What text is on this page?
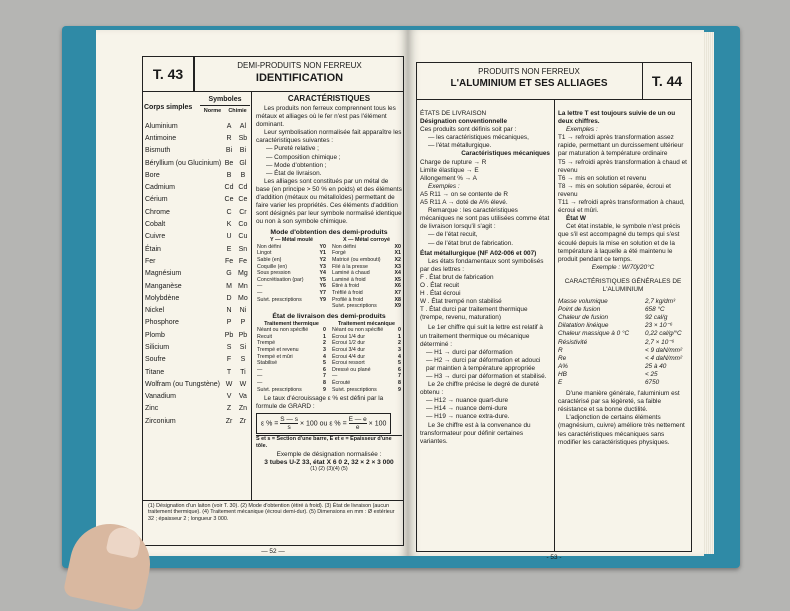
T. 43
DEMI-PRODUITS NON FERREUX
IDENTIFICATION
Corps simples
Symboles
Norme	Chimie
Aluminium	A	Al
Antimoine	R	Sb
Bismuth	Bi	Bi
Béryllium (ou Glucinium)	Be	Gl
Bore	B	B
Cadmium	Cd	Cd
Cérium	Ce	Ce
Chrome	C	Cr
Cobalt	K	Co
Cuivre	U	Cu
Étain	E	Sn
Fer	Fe	Fe
Magnésium	G	Mg
Manganèse	M	Mn
Molybdène	D	Mo
Nickel	N	Ni
Phosphore	P	P
Plomb	Pb	Pb
Silicium	S	Si
Soufre	F	S
Titane	T	Ti
Wolfram (ou Tungstène)	W	W
Vanadium	V	Va
Zinc	Z	Zn
Zirconium	Zr	Zr
CARACTÉRISTIQUES

Les produits non ferreux comprennent tous les métaux et alliages où le fer n'est pas l'élément dominant.

Leur symbolisation normalisée fait apparaître les caractéristiques suivantes :

— Pureté relative ;
— Composition chimique ;
— Mode d'obtention ;
— État de livraison.

Les alliages sont constitués par un métal de base (en principe > 50 % en poids) et des éléments d'addition (métaux ou métalloïdes) permettant de faire varier les propriétés. Ces éléments d'addition sont désignés par leur symbole normalisé identique ou non à son symbole chimique.

Mode d'obtention des demi-produits
Y — Métal moulé
Non défini	Y0
Lingot	Y1
Sable (en)	Y2
Coquille (en)	Y3
Sous pression	Y4
Concrétisation (par)	Y5
—	Y6
—	Y7
Suivt. prescriptions	Y9
X — Métal corroyé
Non défini	X0
Forgé	X1
Matricé (ou embouti)	X2
Filé à la presse	X3
Laminé à chaud	X4
Laminé à froid	X5
Étiré à froid	X6
Tréfilé à froid	X7
Profilé à froid	X8
Suivt. prescriptions	X9
État de livraison des demi-produits
Traitement thermique
Néant ou non spécifié	0
Recuit	1
Trempé	2
Trempé et revenu	3
Trempé et mûri	4
Stabilisé	5
—	6
—	7
—	8
Suivt. prescriptions	9
Traitement mécanique
Néant ou non spécifié	0
Écroui 1/4 dur	1
Écroui 1/2 dur	2
Écroui 3/4 dur	3
Écroui 4/4 dur	4
Écroui ressort	5
Dressé ou plané	6
—	7
Écrouté	8
Suivt. prescriptions	9

Le taux d'écrouissage ε % est défini par la formule de GRARD :

ε % = $\frac{S — s}{s} \times 100$ ou ε % = $\frac{E — e}{e} \times 100$
S et s = Section d'une barre, E et e = Épaisseur d'une tôle.
Exemple de désignation normalisée :
3 tubes U-Z 33, état X 6 0 2, 32 × 2 × 3 000
(1) (2) (3)(4) (5)
(1) Désignation d'un laiton (voir T. 30). (2) Mode d'obtention (étiré à froid). (3) État de livraison (aucun traitement thermique). (4) Traitement mécanique (écroui demi-dur). (5) Dimensions en mm : Ø extérieur 32 ; épaisseur 2 ; longueur 3 000.
— 52 —
PRODUITS NON FERREUX
L'ALUMINIUM ET SES ALLIAGES	T. 44
ÉTATS DE LIVRAISON
Désignation conventionnelle

Ces produits sont définis soit par :

— les caractéristiques mécaniques,
— l'état métallurgique.
Caractéristiques mécaniques
Charge de rupture → R
Limite élastique → E
Allongement % → A
Exemples :
A5 R11 → on se contente de R
A5 R11 A → doté de A% élevé.

Remarque : les caractéristiques mécaniques ne sont pas utilisées comme état de livraison lorsqu'il s'agit :

— de l'état recuit,
— de l'état brut de fabrication.
État métallurgique (NF A02-006 et 007)

Les états fondamentaux sont symbolisés par des lettres :

F . État brut de fabrication
O . État recuit
H . État écroui
W . État trempé non stabilisé
T . État durci par traitement thermique (trempe, revenu, maturation)

Le 1er chiffre qui suit la lettre est relatif à un traitement thermique ou mécanique déterminé :

— H1 → durci par déformation
— H2 → durci par déformation et adouci par maintien à température appropriée
— H3 → durci par déformation et stabilisé.

Le 2e chiffre précise le degré de dureté obtenu :

— H12 → nuance quart-dure
— H14 → nuance demi-dure
— H19 → nuance extra-dure.

Le 3e chiffre est à la convenance du transformateur pour définir certaines variantes.

La lettre T est toujours suivie de un ou deux chiffres.

Exemples :
T1 → refroidi après transformation assez rapide, permettant un durcissement ultérieur par maturation à température ordinaire
T5 → refroidi après transformation à chaud et revenu
T6 → mis en solution et revenu
T8 → mis en solution séparée, écroui et revenu
T11 → refroidi après transformation à chaud, écroui et mûri.
État W

Cet état instable, le symbole n'est précis que s'il est accompagné du temps qui s'est écoulé depuis la mise en solution et de la température à laquelle a été maintenu le produit pendant ce temps.

Exemple : W/70j/20°C
CARACTÉRISTIQUES GÉNÉRALES DE L'ALUMINIUM
Masse volumique	2,7 kg/dm³
Point de fusion	658 °C
Chaleur de fusion	92 cal/g
Dilatation linéique	23 × 10⁻⁶
Chaleur massique à 0 °C	0,22 cal/g/°C
Résistivité	2,7 × 10⁻⁶
R	< 9 daN/mm²
Re	< 4 daN/mm²
A%	25 à 40
HB	< 25
E	6750

D'une manière générale, l'aluminium est caractérisé par sa légèreté, sa faible résistance et sa bonne ductilité.

L'adjonction de certains éléments (magnésium, cuivre) améliore très nettement les caractéristiques mécaniques sans modifier les caractéristiques physiques.

- 53 -
